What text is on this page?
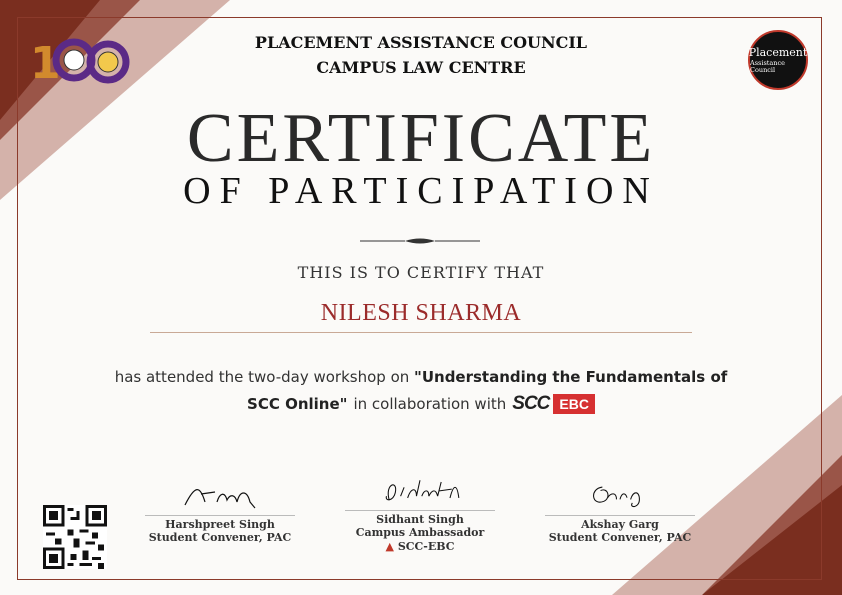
1	Placement
Assistance Council
PLACEMENT ASSISTANCE COUNCIL
CAMPUS LAW CENTRE
CERTIFICATE
OF PARTICIPATION
THIS IS TO CERTIFY THAT
NILESH SHARMA
has attended the two-day workshop on "Understanding the Fundamentals of
SCC Online" in collaboration with SCC EBC
Harshpreet Singh
Student Convener, PAC
Sidhant Singh
Campus Ambassador
▲ SCC-EBC
Akshay Garg
Student Convener, PAC
